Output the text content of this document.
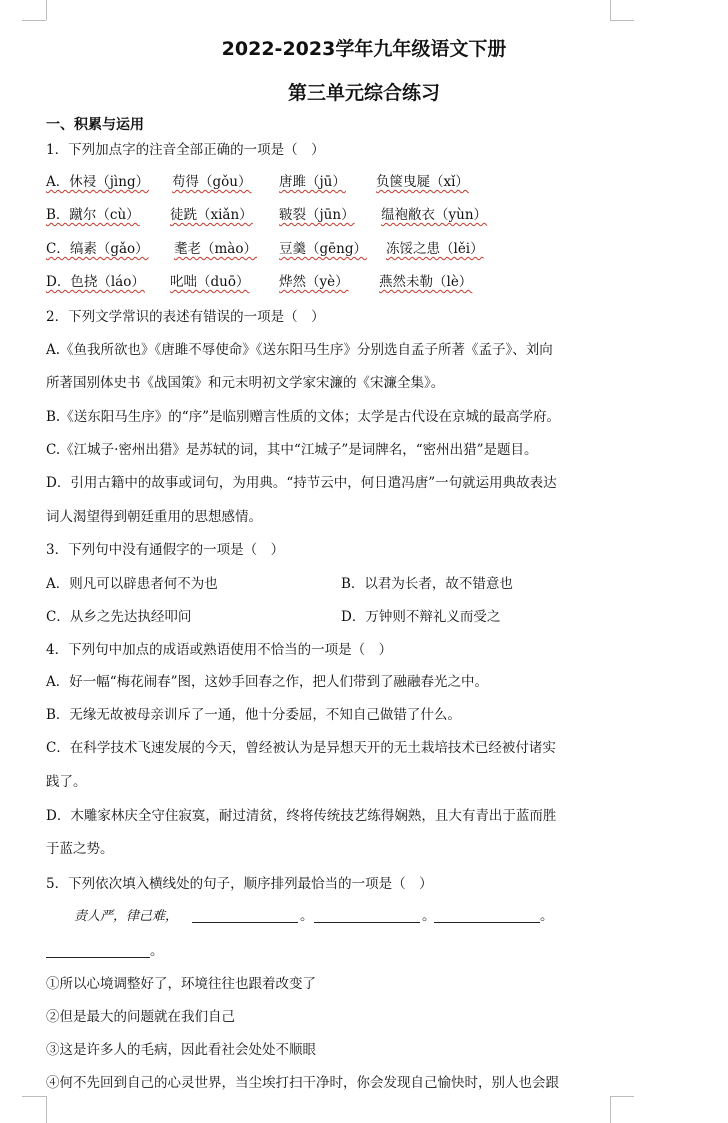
2022-2023学年九年级语文下册
第三单元综合练习
一、积累与运用
1．下列加点字的注音全部正确的一项是（　）
A．休祲（jìng） 苟得（gǒu） 唐雎（jū） 负箧曳屣（xǐ）
B．蹴尔（cù） 徒跣（xiǎn） 皲裂（jūn） 缊袍敝衣（yùn）
C．缟素（gǎo） 耄老（mào） 豆羹（gēng） 冻馁之患（lěi）
D．色挠（láo） 叱咄（duō） 烨然（yè） 燕然未勒（lè）
2．下列文学常识的表述有错误的一项是（　）
A.《鱼我所欲也》《唐雎不辱使命》《送东阳马生序》分别选自孟子所著《孟子》、刘向
所著国别体史书《战国策》和元末明初文学家宋濂的《宋濂全集》。
B.《送东阳马生序》的“序”是临别赠言性质的文体；太学是古代设在京城的最高学府。
C.《江城子·密州出猎》是苏轼的词，其中“江城子”是词牌名，“密州出猎”是题目。
D．引用古籍中的故事或词句，为用典。“持节云中，何日遣冯唐”一句就运用典故表达
词人渴望得到朝廷重用的思想感情。
3．下列句中没有通假字的一项是（　）
A．则凡可以辟患者何不为也	B．以君为长者，故不错意也
C．从乡之先达执经叩问	D．万钟则不辩礼义而受之
4．下列句中加点的成语或熟语使用不恰当的一项是（　）
A．好一幅“梅花闹春”图，这妙手回春之作，把人们带到了融融春光之中。
B．无缘无故被母亲训斥了一通，他十分委屈，不知自己做错了什么。
C．在科学技术飞速发展的今天，曾经被认为是异想天开的无土栽培技术已经被付诸实
践了。
D．木雕家林庆全守住寂寞，耐过清贫，终将传统技艺练得娴熟，且大有青出于蓝而胜
于蓝之势。
5．下列依次填入横线处的句子，顺序排列最恰当的一项是（　）
责人严，律己难，	。	。	。
。
①所以心境调整好了，环境往往也跟着改变了
②但是最大的问题就在我们自己
③这是许多人的毛病，因此看社会处处不顺眼
④何不先回到自己的心灵世界，当尘埃打扫干净时，你会发现自己愉快时，别人也会跟
